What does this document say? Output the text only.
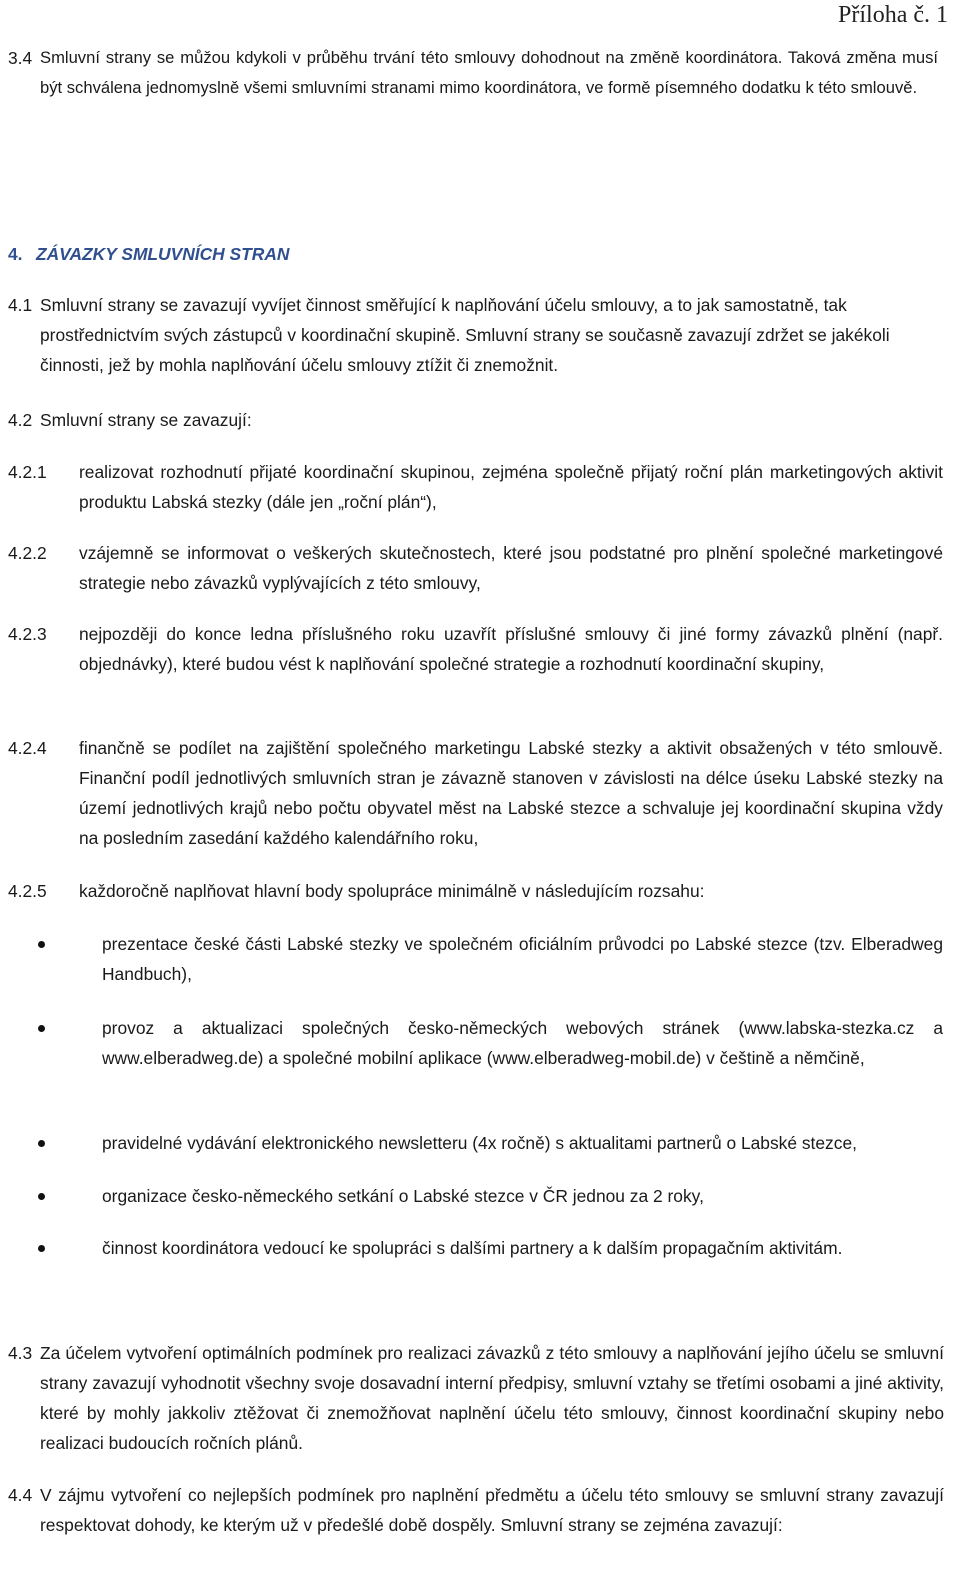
Příloha č. 1
3.4 Smluvní strany se můžou kdykoli v průběhu trvání této smlouvy dohodnout na změně koordinátora. Taková změna musí být schválena jednomyslně všemi smluvními stranami mimo koordinátora, ve formě písemného dodatku k této smlouvě.
4. ZÁVAZKY SMLUVNÍCH STRAN
4.1 Smluvní strany se zavazují vyvíjet činnost směřující k naplňování účelu smlouvy, a to jak samostatně, tak prostřednictvím svých zástupců v koordinační skupině. Smluvní strany se současně zavazují zdržet se jakékoli činnosti, jež by mohla naplňování účelu smlouvy ztížit či znemožnit.
4.2 Smluvní strany se zavazují:
4.2.1	realizovat rozhodnutí přijaté koordinační skupinou, zejména společně přijatý roční plán marketingových aktivit produktu Labská stezky (dále jen „roční plán“),
4.2.2	vzájemně se informovat o veškerých skutečnostech, které jsou podstatné pro plnění společné marketingové strategie nebo závazků vyplývajících z této smlouvy,
4.2.3	nejpozději do konce ledna příslušného roku uzavřít příslušné smlouvy či jiné formy závazků plnění (např. objednávky), které budou vést k naplňování společné strategie a rozhodnutí koordinační skupiny,
4.2.4	finančně se podílet na zajištění společného marketingu Labské stezky a aktivit obsažených v této smlouvě. Finanční podíl jednotlivých smluvních stran je závazně stanoven v závislosti na délce úseku Labské stezky na území jednotlivých krajů nebo počtu obyvatel měst na Labské stezce a schvaluje jej koordinační skupina vždy na posledním zasedání každého kalendářního roku,
4.2.5	každoročně naplňovat hlavní body spolupráce minimálně v následujícím rozsahu:
prezentace české části Labské stezky ve společném oficiálním průvodci po Labské stezce (tzv. Elberadweg Handbuch),
provoz a aktualizaci společných česko-německých webových stránek (www.labska-stezka.cz a www.elberadweg.de) a společné mobilní aplikace (www.elberadweg-mobil.de) v češtině a němčině,
pravidelné vydávání elektronického newsletteru (4x ročně) s aktualitami partnerů o Labské stezce,
organizace česko-německého setkání o Labské stezce v ČR jednou za 2 roky,
činnost koordinátora vedoucí ke spolupráci s dalšími partnery a k dalším propagačním aktivitám.
4.3 Za účelem vytvoření optimálních podmínek pro realizaci závazků z této smlouvy a naplňování jejího účelu se smluvní strany zavazují vyhodnotit všechny svoje dosavadní interní předpisy, smluvní vztahy se třetími osobami a jiné aktivity, které by mohly jakkoliv ztěžovat či znemožňovat naplnění účelu této smlouvy, činnost koordinační skupiny nebo realizaci budoucích ročních plánů.
4.4 V zájmu vytvoření co nejlepších podmínek pro naplnění předmětu a účelu této smlouvy se smluvní strany zavazují respektovat dohody, ke kterým už v předešlé době dospěly. Smluvní strany se zejména zavazují:
